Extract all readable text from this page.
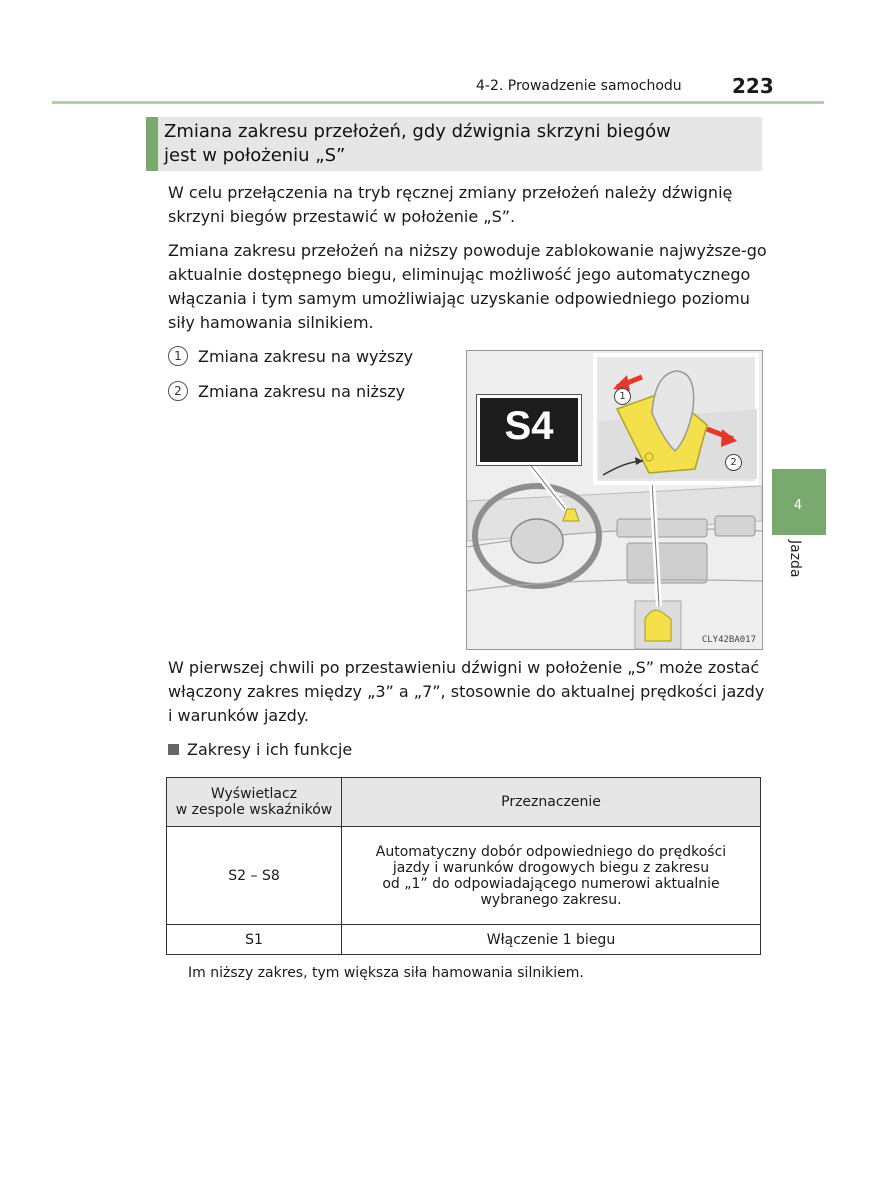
4-2. Prowadzenie samochodu	223
Zmiana zakresu przełożeń, gdy dźwignia skrzyni biegów
jest w położeniu „S”
W celu przełączenia na tryb ręcznej zmiany przełożeń należy dźwignię skrzyni biegów przestawić w położenie „S”.
Zmiana zakresu przełożeń na niższy powoduje zablokowanie najwyższe-go aktualnie dostępnego biegu, eliminując możliwość jego automatycznego włączania i tym samym umożliwiając uzyskanie odpowiedniego poziomu siły hamowania silnikiem.
1	Zmiana zakresu na wyższy
2	Zmiana zakresu na niższy
S4
1
2
CLY42BA017
W pierwszej chwili po przestawieniu dźwigni w położenie „S” może zostać włączony zakres między „3” a „7”, stosownie do aktualnej prędkości jazdy i warunków jazdy.
Zakresy i ich funkcje
Wyświetlacz
w zespole wskaźników	Przeznaczenie
S2 – S8	Automatyczny dobór odpowiedniego do prędkości
jazdy i warunków drogowych biegu z zakresu
od „1” do odpowiadającego numerowi aktualnie
wybranego zakresu.

S1	Włączenie 1 biegu
Im niższy zakres, tym większa siła hamowania silnikiem.
4
Jazda
